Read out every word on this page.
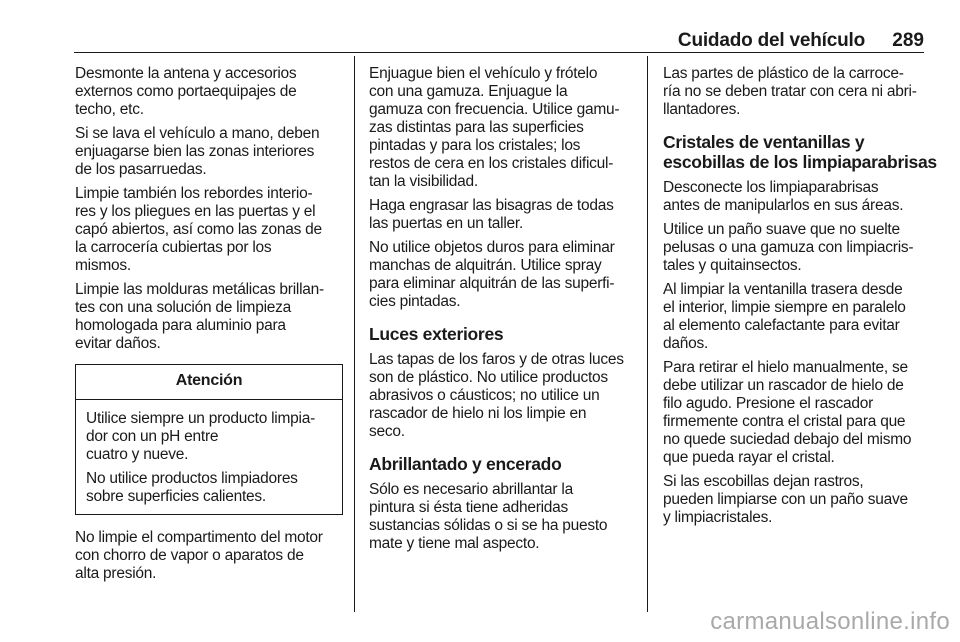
Cuidado del vehículo 289

Desmonte la antena y accesorios
externos como portaequipajes de
techo, etc.

Si se lava el vehículo a mano, deben
enjuagarse bien las zonas interiores
de los pasarruedas.

Limpie también los rebordes interio‐
res y los pliegues en las puertas y el
capó abiertos, así como las zonas de
la carrocería cubiertas por los
mismos.

Limpie las molduras metálicas brillan‐
tes con una solución de limpieza
homologada para aluminio para
evitar daños.

Atención

Utilice siempre un producto limpia‐
dor con un pH entre
cuatro y nueve.

No utilice productos limpiadores
sobre superficies calientes.

No limpie el compartimento del motor
con chorro de vapor o aparatos de
alta presión.

Enjuague bien el vehículo y frótelo
con una gamuza. Enjuague la
gamuza con frecuencia. Utilice gamu‐
zas distintas para las superficies
pintadas y para los cristales; los
restos de cera en los cristales dificul‐
tan la visibilidad.

Haga engrasar las bisagras de todas
las puertas en un taller.

No utilice objetos duros para eliminar
manchas de alquitrán. Utilice spray
para eliminar alquitrán de las superfi‐
cies pintadas.

Luces exteriores

Las tapas de los faros y de otras luces
son de plástico. No utilice productos
abrasivos o cáusticos; no utilice un
rascador de hielo ni los limpie en
seco.

Abrillantado y encerado

Sólo es necesario abrillantar la
pintura si ésta tiene adheridas
sustancias sólidas o si se ha puesto
mate y tiene mal aspecto.

Las partes de plástico de la carroce‐
ría no se deben tratar con cera ni abri‐
llantadores.

Cristales de ventanillas y
escobillas de los limpiaparabrisas

Desconecte los limpiaparabrisas
antes de manipularlos en sus áreas.

Utilice un paño suave que no suelte
pelusas o una gamuza con limpiacris‐
tales y quitainsectos.

Al limpiar la ventanilla trasera desde
el interior, limpie siempre en paralelo
al elemento calefactante para evitar
daños.

Para retirar el hielo manualmente, se
debe utilizar un rascador de hielo de
filo agudo. Presione el rascador
firmemente contra el cristal para que
no quede suciedad debajo del mismo
que pueda rayar el cristal.

Si las escobillas dejan rastros,
pueden limpiarse con un paño suave
y limpiacristales.

carmanualsonline.info
